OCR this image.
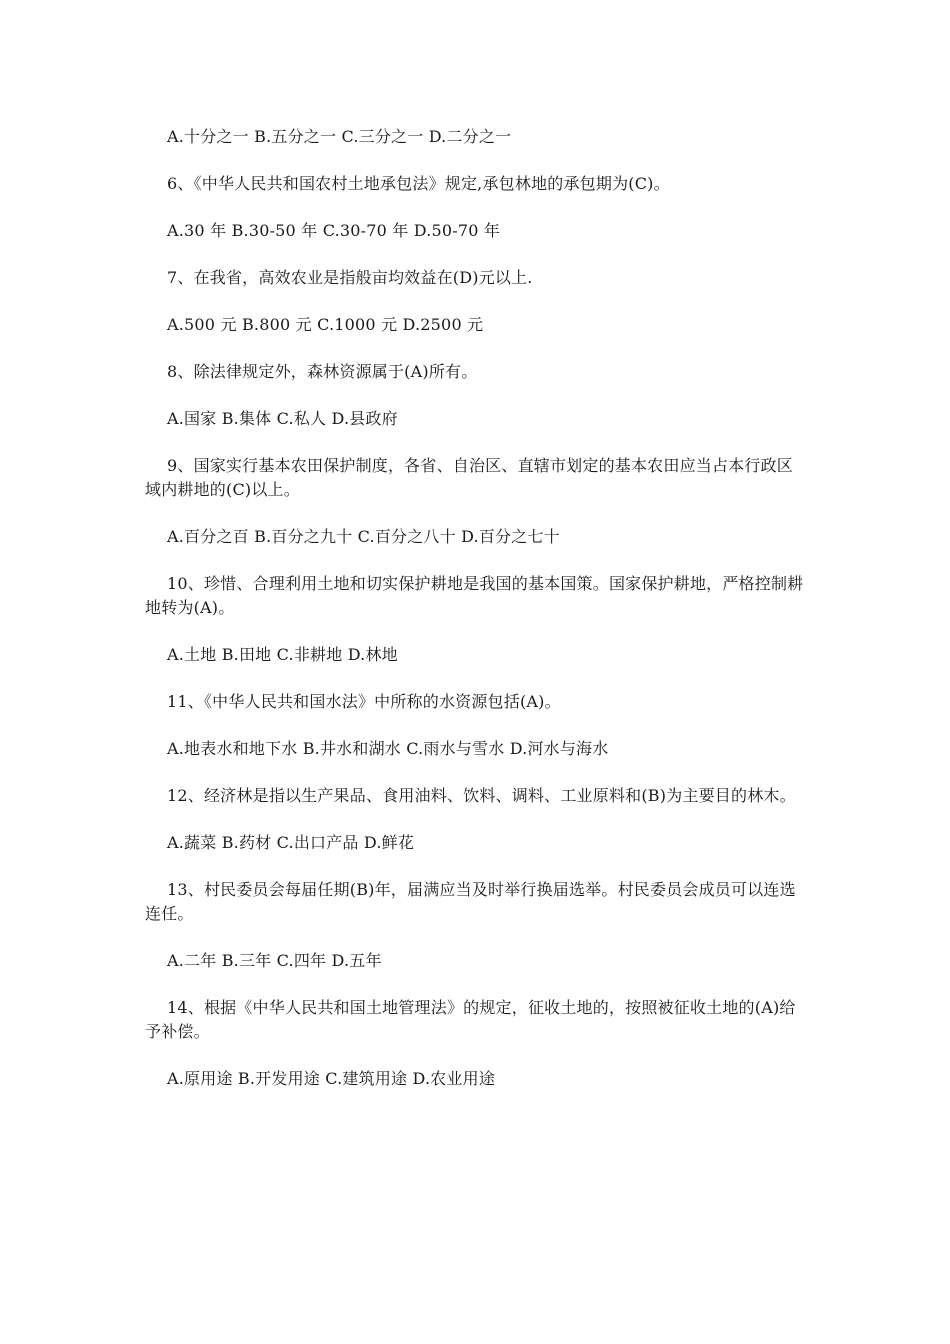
A.十分之一 B.五分之一 C.三分之一 D.二分之一

6、《中华人民共和国农村土地承包法》规定,承包林地的承包期为(C)。

A.30 年 B.30-50 年 C.30-70 年 D.50-70 年

7、在我省，高效农业是指般亩均效益在(D)元以上.

A.500 元 B.800 元 C.1000 元 D.2500 元

8、除法律规定外，森林资源属于(A)所有。

A.国家 B.集体 C.私人 D.县政府

9、国家实行基本农田保护制度，各省、自治区、直辖市划定的基本农田应当占本行政区域内耕地的(C)以上。

A.百分之百 B.百分之九十 C.百分之八十 D.百分之七十

10、珍惜、合理利用土地和切实保护耕地是我国的基本国策。国家保护耕地，严格控制耕地转为(A)。

A.土地 B.田地 C.非耕地 D.林地

11、《中华人民共和国水法》中所称的水资源包括(A)。

A.地表水和地下水 B.井水和湖水 C.雨水与雪水 D.河水与海水

12、经济林是指以生产果品、食用油料、饮料、调料、工业原料和(B)为主要目的林木。

A.蔬菜 B.药材 C.出口产品 D.鲜花

13、村民委员会每届任期(B)年，届满应当及时举行换届选举。村民委员会成员可以连选连任。

A.二年 B.三年 C.四年 D.五年

14、根据《中华人民共和国土地管理法》的规定，征收土地的，按照被征收土地的(A)给予补偿。

A.原用途 B.开发用途 C.建筑用途 D.农业用途
